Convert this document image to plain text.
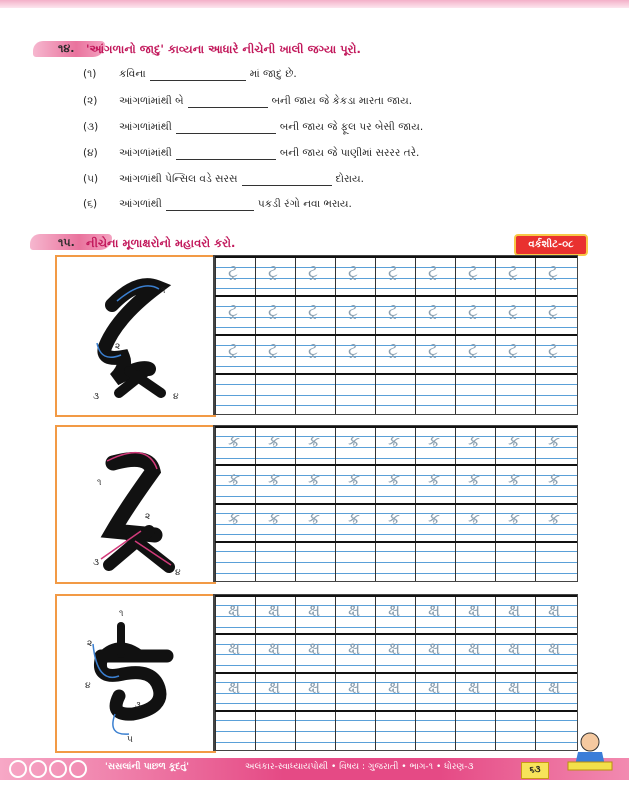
૧૪. 'આંગળાનો જાદુ' કાવ્યના આધારે નીચેની ખાલી જગ્યા પૂરો.
(૧) કવિના	માં જાદુ છે.
(૨) આંગળાંમાંથી બે	બની જાય જે કેકડા મારતા જાય.
(૩) આંગળાંમાંથી	બની જાય જે ફૂલ પર બેસી જાય.
(૪) આંગળાંમાંથી	બની જાય જે પાણીમાં સરરર તરે.
(૫) આંગળાંથી પેન્સિલ વડે સરસ	દોરાય.
(૬) આંગળાંથી	પકડી રંગો નવા ભરાય.
૧૫. નીચેના મૂળાક્ષરોનો મહાવરો કરો.	વર્કશીટ-૦૮
૧
૨
૩	૪
૧
૨
૩
૪
૧
૨
૩
૪
૫
ટ્ર ટ્ર ટ્ર ટ્ર ટ્ર ટ્ર ટ્ર ટ્ર ટ્ર
ટ્ર ટ્ર ટ્ર ટ્ર ટ્ર ટ્ર ટ્ર ટ્ર ટ્ર
ટ્ર ટ્ર ટ્ર ટ્ર ટ્ર ટ્ર ટ્ર ટ્ર ટ્ર
ક્ર ક્ર ક્ર ક્ર ક્ર ક્ર ક્ર ક્ર ક્ર
ક્ર ક્ર ક્ર ક્ર ક્ર ક્ર ક્ર ક્ર ક્ર
ક્ર ક્ર ક્ર ક્ર ક્ર ક્ર ક્ર ક્ર ક્ર
ક્ષ ક્ષ ક્ષ ક્ષ ક્ષ ક્ષ ક્ષ ક્ષ ક્ષ
ક્ષ ક્ષ ક્ષ ક્ષ ક્ષ ક્ષ ક્ષ ક્ષ ક્ષ
ક્ષ ક્ષ ક્ષ ક્ષ ક્ષ ક્ષ ક્ષ ક્ષ ક્ષ
'સસલાંની પાછળ કૂદતું'	અલંકાર-સ્વાધ્યાયપોથી • વિષય : ગુજરાતી • ભાગ-૧ • ધોરણ-૩	૬૩
